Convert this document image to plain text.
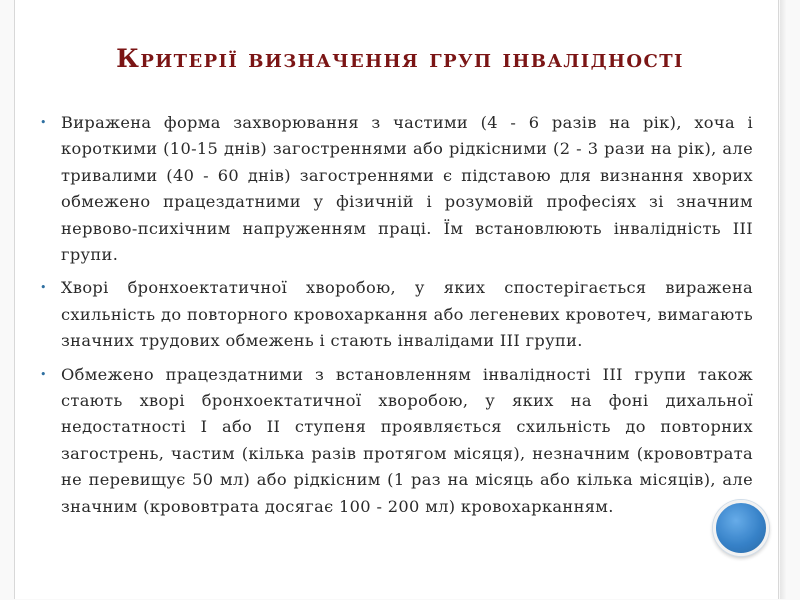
Критерії визначення груп інвалідності
• Виражена форма захворювання з частими (4 - 6 разів на рік), хоча і короткими (10-15 днів) загостреннями або рідкісними (2 - 3 рази на рік), але тривалими (40 - 60 днів) загостреннями є підставою для визнання хворих обмежено працездатними у фізичній і розумовій професіях зі значним нервово-психічним напруженням праці. Їм встановлюють інвалідність ІІІ групи.
• Хворі бронхоектатичної хворобою, у яких спостерігається виражена схильність до повторного кровохаркання або легеневих кровотеч, вимагають значних трудових обмежень і стають інвалідами ІІІ групи.
• Обмежено працездатними з встановленням інвалідності ІІІ групи також стають хворі бронхоектатичної хворобою, у яких на фоні дихальної недостатності І або ІІ ступеня проявляється схильність до повторних загострень, частим (кілька разів протягом місяця), незначним (крововтрата не перевищує 50 мл) або рідкісним (1 раз на місяць або кілька місяців), але значним (крововтрата досягає 100 - 200 мл) кровохарканням.
